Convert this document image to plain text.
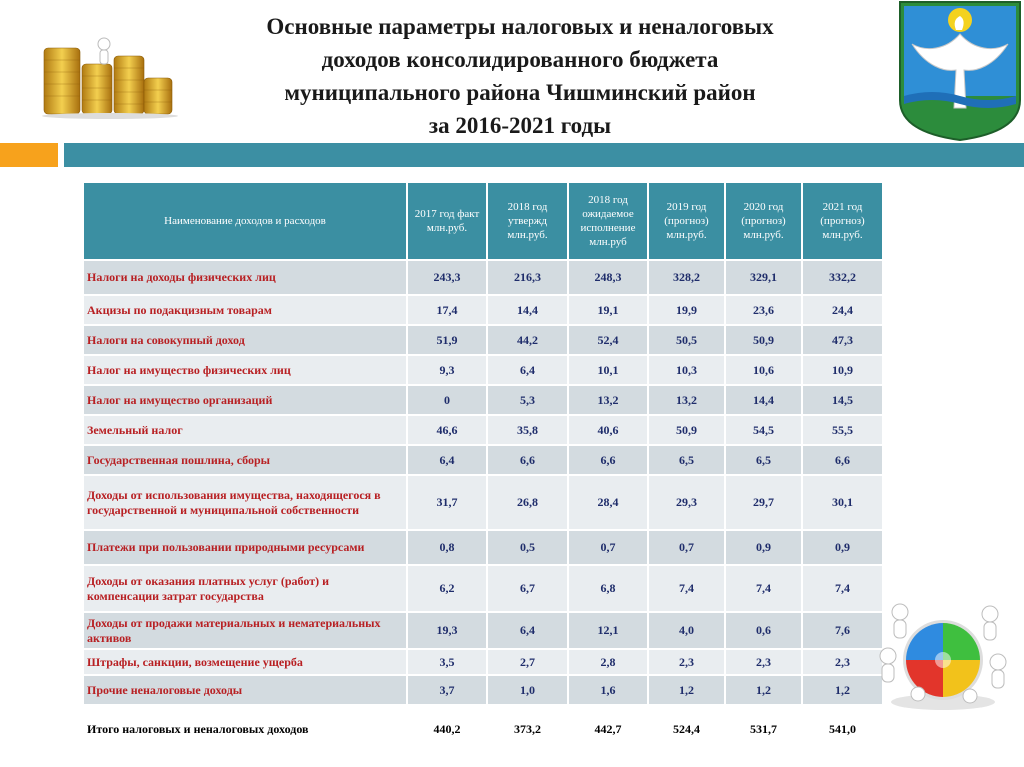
Основные параметры налоговых и неналоговых
доходов консолидированного бюджета
муниципального района Чишминский район
за 2016-2021 годы
Наименование доходов и расходов	2017 год факт млн.руб.	2018 год утвержд млн.руб.	2018 год ожидаемое исполнение млн.руб	2019 год (прогноз) млн.руб.	2020 год (прогноз) млн.руб.	2021 год (прогноз) млн.руб.
Налоги на доходы физических лиц	243,3	216,3	248,3	328,2	329,1	332,2
Акцизы по подакцизным товарам	17,4	14,4	19,1	19,9	23,6	24,4
Налоги на совокупный доход	51,9	44,2	52,4	50,5	50,9	47,3
Налог на имущество физических лиц	9,3	6,4	10,1	10,3	10,6	10,9
Налог на имущество организаций	0	5,3	13,2	13,2	14,4	14,5
Земельный налог	46,6	35,8	40,6	50,9	54,5	55,5
Государственная пошлина, сборы	6,4	6,6	6,6	6,5	6,5	6,6
Доходы от использования имущества, находящегося в государственной и муниципальной собственности	31,7	26,8	28,4	29,3	29,7	30,1
Платежи при пользовании природными ресурсами	0,8	0,5	0,7	0,7	0,9	0,9
Доходы от оказания платных услуг (работ) и компенсации затрат государства	6,2	6,7	6,8	7,4	7,4	7,4
Доходы от продажи материальных и нематериальных активов	19,3	6,4	12,1	4,0	0,6	7,6
Штрафы, санкции, возмещение ущерба	3,5	2,7	2,8	2,3	2,3	2,3
Прочие неналоговые доходы	3,7	1,0	1,6	1,2	1,2	1,2
Итого налоговых и неналоговых доходов	440,2	373,2	442,7	524,4	531,7	541,0
